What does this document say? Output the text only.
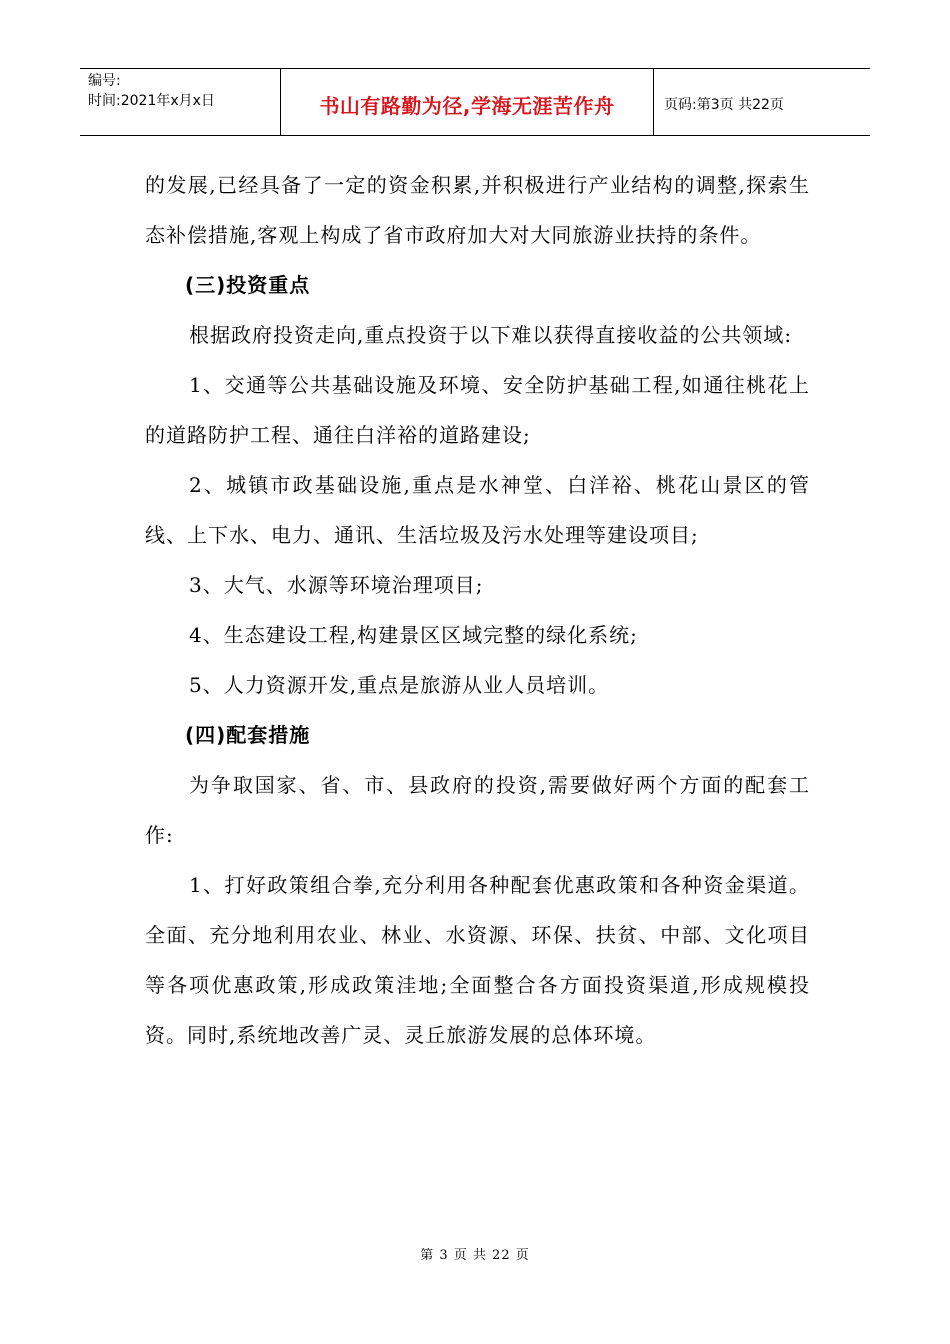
编号:
时间:2021年x月x日	书山有路勤为径,学海无涯苦作舟	页码:第3页 共22页

的发展,已经具备了一定的资金积累,并积极进行产业结构的调整,探索生态补偿措施,客观上构成了省市政府加大对大同旅游业扶持的条件。

(三)投资重点

根据政府投资走向,重点投资于以下难以获得直接收益的公共领域:

1、交通等公共基础设施及环境、安全防护基础工程,如通往桃花上的道路防护工程、通往白洋裕的道路建设;

2、城镇市政基础设施,重点是水神堂、白洋裕、桃花山景区的管线、上下水、电力、通讯、生活垃圾及污水处理等建设项目;

3、大气、水源等环境治理项目;

4、生态建设工程,构建景区区域完整的绿化系统;

5、人力资源开发,重点是旅游从业人员培训。

(四)配套措施

为争取国家、省、市、县政府的投资,需要做好两个方面的配套工作:

1、打好政策组合拳,充分利用各种配套优惠政策和各种资金渠道。全面、充分地利用农业、林业、水资源、环保、扶贫、中部、文化项目等各项优惠政策,形成政策洼地;全面整合各方面投资渠道,形成规模投资。同时,系统地改善广灵、灵丘旅游发展的总体环境。

第 3 页 共 22 页
